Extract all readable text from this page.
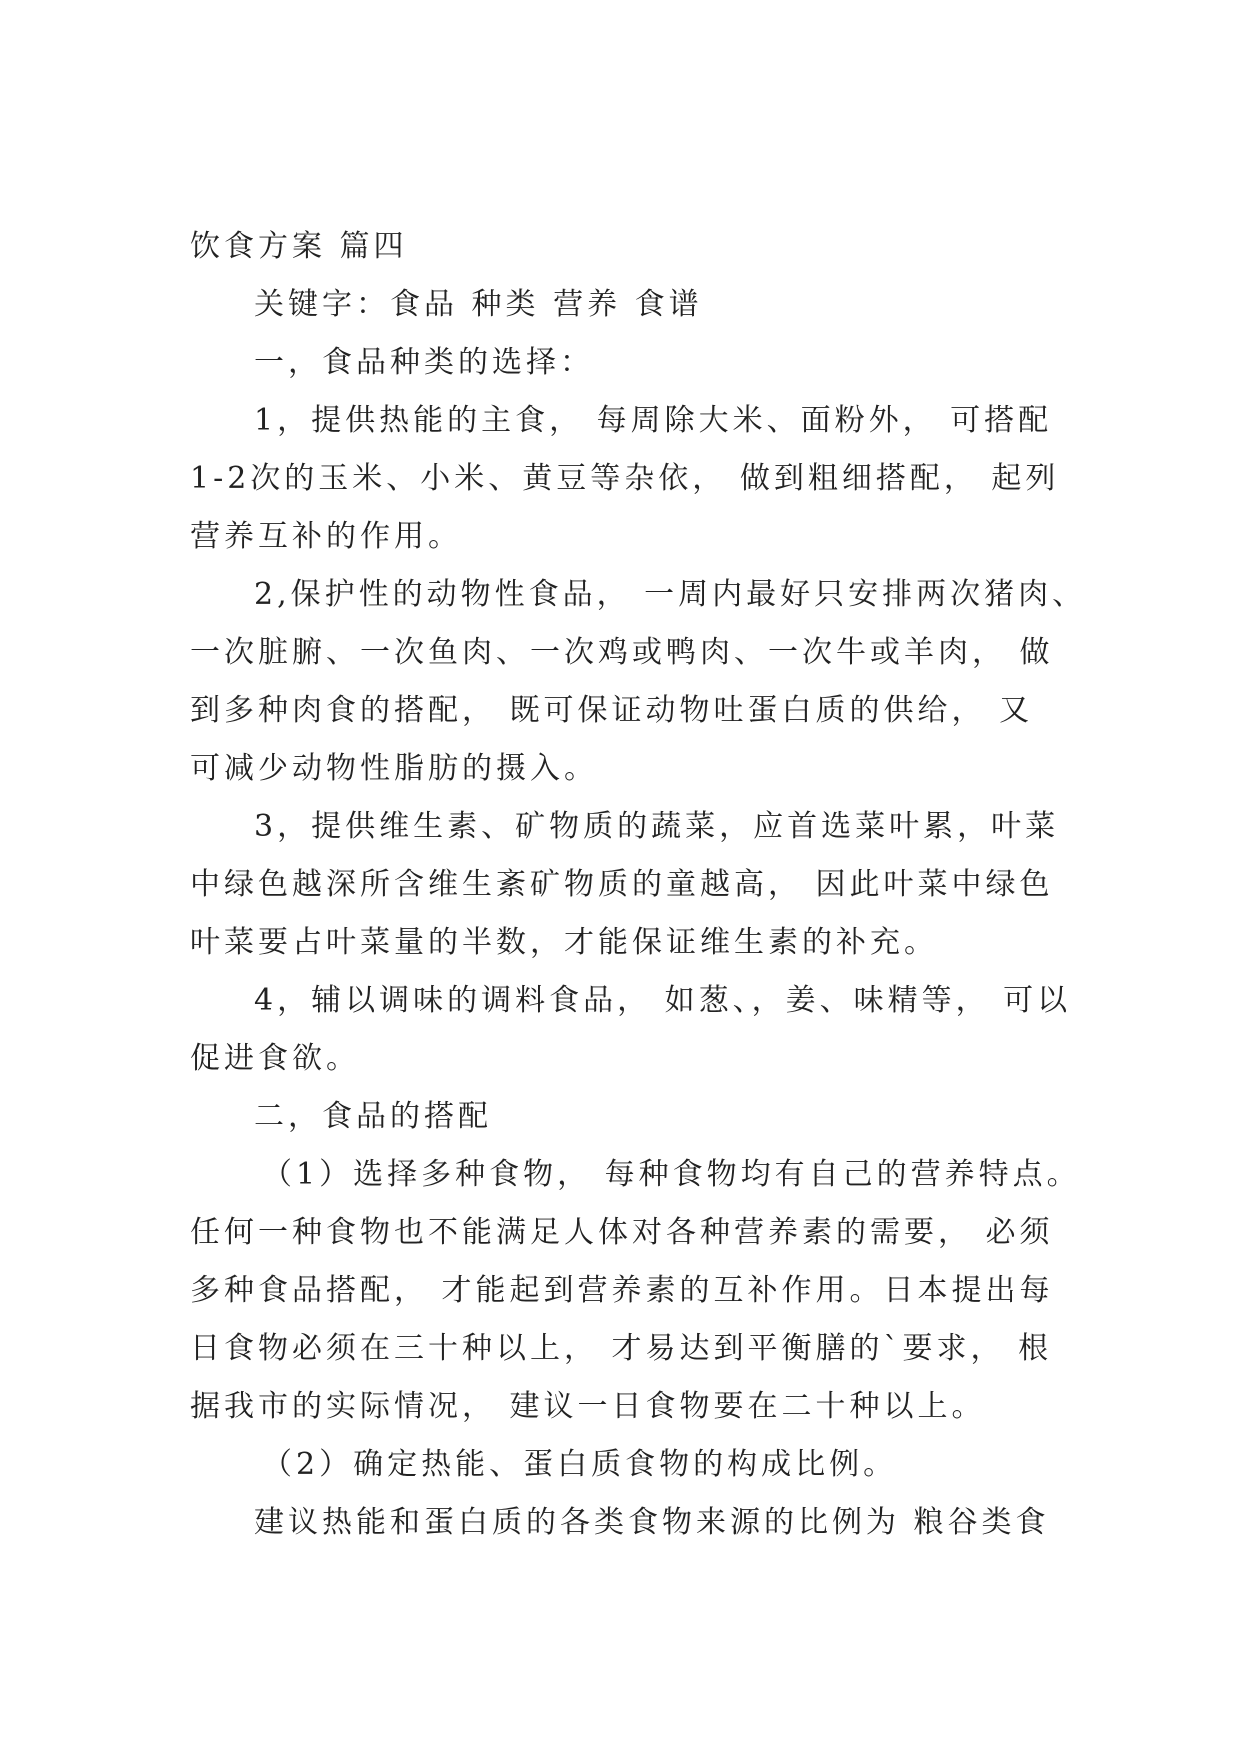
饮食方案 篇四
关键字：食品 种类 营养 食谱
一，食品种类的选择：
1，提供热能的主食， 每周除大米、面粉外， 可搭配
1-2次的玉米、小米、黄豆等杂依， 做到粗细搭配， 起列
营养互补的作用。
2,保护性的动物性食品， 一周内最好只安排两次猪肉、
一次脏腑、一次鱼肉、一次鸡或鸭肉、一次牛或羊肉， 做
到多种肉食的搭配， 既可保证动物吐蛋白质的供给， 又
可减少动物性脂肪的摄入。
3，提供维生素、矿物质的蔬菜，应首选菜叶累，叶菜
中绿色越深所含维生紊矿物质的童越高， 因此叶菜中绿色
叶菜要占叶菜量的半数，才能保证维生素的补充。
4，辅以调味的调料食品， 如葱、，姜、味精等， 可以
促进食欲。
二，食品的搭配
（1）选择多种食物， 每种食物均有自己的营养特点。
任何一种食物也不能满足人体对各种营养素的需要， 必须
多种食品搭配， 才能起到营养素的互补作用。日本提出每
日食物必须在三十种以上， 才易达到平衡膳的`要求， 根
据我市的实际情况， 建议一日食物要在二十种以上。
（2）确定热能、蛋白质食物的构成比例。
建议热能和蛋白质的各类食物来源的比例为 粮谷类食
